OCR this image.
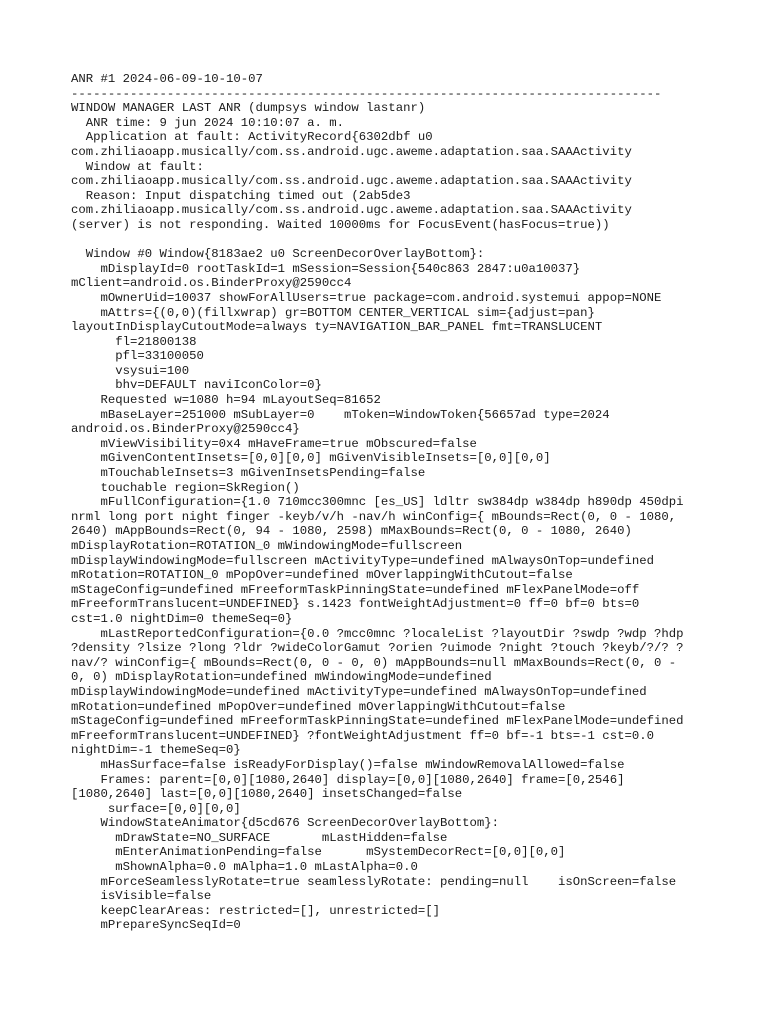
ANR #1 2024-06-09-10-10-07
--------------------------------------------------------------------------------
WINDOW MANAGER LAST ANR (dumpsys window lastanr)
ANR time: 9 jun 2024 10:10:07 a. m.
Application at fault: ActivityRecord{6302dbf u0
com.zhiliaoapp.musically/com.ss.android.ugc.aweme.adaptation.saa.SAAActivity
Window at fault:
com.zhiliaoapp.musically/com.ss.android.ugc.aweme.adaptation.saa.SAAActivity
Reason: Input dispatching timed out (2ab5de3
com.zhiliaoapp.musically/com.ss.android.ugc.aweme.adaptation.saa.SAAActivity
(server) is not responding. Waited 10000ms for FocusEvent(hasFocus=true))
Window #0 Window{8183ae2 u0 ScreenDecorOverlayBottom}:
mDisplayId=0 rootTaskId=1 mSession=Session{540c863 2847:u0a10037}
mClient=android.os.BinderProxy@2590cc4
mOwnerUid=10037 showForAllUsers=true package=com.android.systemui appop=NONE
mAttrs={(0,0)(fillxwrap) gr=BOTTOM CENTER_VERTICAL sim={adjust=pan}
layoutInDisplayCutoutMode=always ty=NAVIGATION_BAR_PANEL fmt=TRANSLUCENT
fl=21800138
pfl=33100050
vsysui=100
bhv=DEFAULT naviIconColor=0}
Requested w=1080 h=94 mLayoutSeq=81652
mBaseLayer=251000 mSubLayer=0    mToken=WindowToken{56657ad type=2024
android.os.BinderProxy@2590cc4}
mViewVisibility=0x4 mHaveFrame=true mObscured=false
mGivenContentInsets=[0,0][0,0] mGivenVisibleInsets=[0,0][0,0]
mTouchableInsets=3 mGivenInsetsPending=false
touchable region=SkRegion()
mFullConfiguration={1.0 710mcc300mnc [es_US] ldltr sw384dp w384dp h890dp 450dpi
nrml long port night finger -keyb/v/h -nav/h winConfig={ mBounds=Rect(0, 0 - 1080,
2640) mAppBounds=Rect(0, 94 - 1080, 2598) mMaxBounds=Rect(0, 0 - 1080, 2640)
mDisplayRotation=ROTATION_0 mWindowingMode=fullscreen
mDisplayWindowingMode=fullscreen mActivityType=undefined mAlwaysOnTop=undefined
mRotation=ROTATION_0 mPopOver=undefined mOverlappingWithCutout=false
mStageConfig=undefined mFreeformTaskPinningState=undefined mFlexPanelMode=off
mFreeformTranslucent=UNDEFINED} s.1423 fontWeightAdjustment=0 ff=0 bf=0 bts=0
cst=1.0 nightDim=0 themeSeq=0}
mLastReportedConfiguration={0.0 ?mcc0mnc ?localeList ?layoutDir ?swdp ?wdp ?hdp
?density ?lsize ?long ?ldr ?wideColorGamut ?orien ?uimode ?night ?touch ?keyb/?/? ?
nav/? winConfig={ mBounds=Rect(0, 0 - 0, 0) mAppBounds=null mMaxBounds=Rect(0, 0 -
0, 0) mDisplayRotation=undefined mWindowingMode=undefined
mDisplayWindowingMode=undefined mActivityType=undefined mAlwaysOnTop=undefined
mRotation=undefined mPopOver=undefined mOverlappingWithCutout=false
mStageConfig=undefined mFreeformTaskPinningState=undefined mFlexPanelMode=undefined
mFreeformTranslucent=UNDEFINED} ?fontWeightAdjustment ff=0 bf=-1 bts=-1 cst=0.0
nightDim=-1 themeSeq=0}
mHasSurface=false isReadyForDisplay()=false mWindowRemovalAllowed=false
Frames: parent=[0,0][1080,2640] display=[0,0][1080,2640] frame=[0,2546]
[1080,2640] last=[0,0][1080,2640] insetsChanged=false
surface=[0,0][0,0]
WindowStateAnimator{d5cd676 ScreenDecorOverlayBottom}:
mDrawState=NO_SURFACE       mLastHidden=false
mEnterAnimationPending=false      mSystemDecorRect=[0,0][0,0]
mShownAlpha=0.0 mAlpha=1.0 mLastAlpha=0.0
mForceSeamlesslyRotate=true seamlesslyRotate: pending=null    isOnScreen=false
isVisible=false
keepClearAreas: restricted=[], unrestricted=[]
mPrepareSyncSeqId=0
